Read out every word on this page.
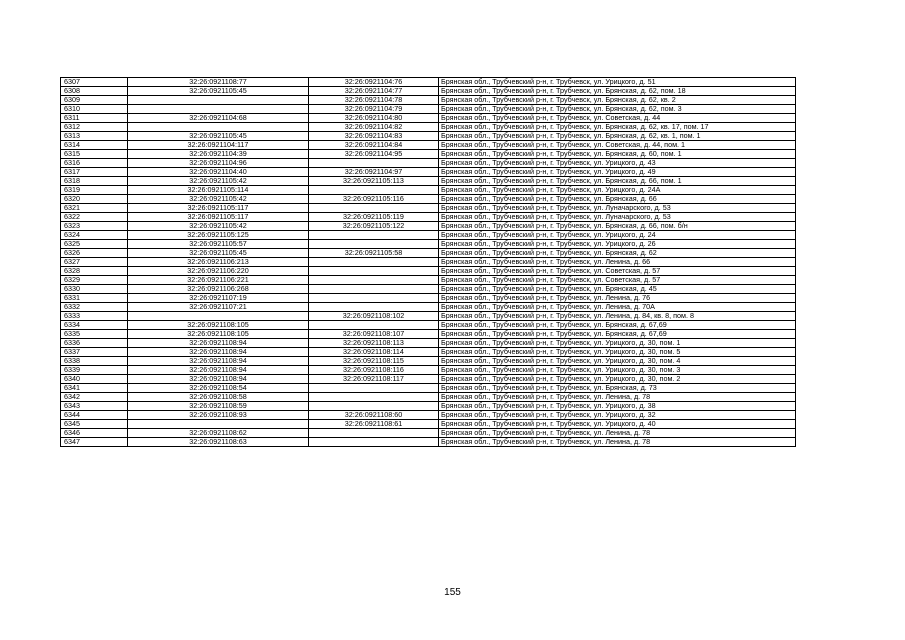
6307	32:26:0921108:77	32:26:0921104:76	Брянская обл., Трубчевский р-н, г. Трубчевск, ул. Урицкого, д. 51
6308	32:26:0921105:45	32:26:0921104:77	Брянская обл., Трубчевский р-н, г. Трубчевск, ул. Брянская, д. 62, пом. 18
6309		32:26:0921104:78	Брянская обл., Трубчевский р-н, г. Трубчевск, ул. Брянская, д. 62, кв. 2
6310		32:26:0921104:79	Брянская обл., Трубчевский р-н, г. Трубчевск, ул. Брянская, д. 62, пом. 3
6311	32:26:0921104:68	32:26:0921104:80	Брянская обл., Трубчевский р-н, г. Трубчевск, ул. Советская, д. 44
6312		32:26:0921104:82	Брянская обл., Трубчевский р-н, г. Трубчевск, ул. Брянская, д. 62, кв. 17, пом. 17
6313	32:26:0921105:45	32:26:0921104:83	Брянская обл., Трубчевский р-н, г. Трубчевск, ул. Брянская, д. 62, кв. 1, пом. 1
6314	32:26:0921104:117	32:26:0921104:84	Брянская обл., Трубчевский р-н, г. Трубчевск, ул. Советская, д. 44, пом. 1
6315	32:26:0921104:39	32:26:0921104:95	Брянская обл., Трубчевский р-н, г. Трубчевск, ул. Брянская, д. 60, пом. 1
6316	32:26:0921104:96		Брянская обл., Трубчевский р-н, г. Трубчевск, ул. Урицкого, д. 43
6317	32:26:0921104:40	32:26:0921104:97	Брянская обл., Трубчевский р-н, г. Трубчевск, ул. Урицкого, д. 49
6318	32:26:0921105:42	32:26:0921105:113	Брянская обл., Трубчевский р-н, г. Трубчевск, ул. Брянская, д. 66, пом. 1
6319	32:26:0921105:114		Брянская обл., Трубчевский р-н, г. Трубчевск, ул. Урицкого, д. 24А
6320	32:26:0921105:42	32:26:0921105:116	Брянская обл., Трубчевский р-н, г. Трубчевск, ул. Брянская, д. 66
6321	32:26:0921105:117		Брянская обл., Трубчевский р-н, г. Трубчевск, ул. Луначарского, д. 53
6322	32:26:0921105:117	32:26:0921105:119	Брянская обл., Трубчевский р-н, г. Трубчевск, ул. Луначарского, д. 53
6323	32:26:0921105:42	32:26:0921105:122	Брянская обл., Трубчевский р-н, г. Трубчевск, ул. Брянская, д. 66, пом. б/н
6324	32:26:0921105:125		Брянская обл., Трубчевский р-н, г. Трубчевск, ул. Урицкого, д. 24
6325	32:26:0921105:57		Брянская обл., Трубчевский р-н, г. Трубчевск, ул. Урицкого, д. 26
6326	32:26:0921105:45	32:26:0921105:58	Брянская обл., Трубчевский р-н, г. Трубчевск, ул. Брянская, д. 62
6327	32:26:0921106:213		Брянская обл., Трубчевский р-н, г. Трубчевск, ул. Ленина, д. 66
6328	32:26:0921106:220		Брянская обл., Трубчевский р-н, г. Трубчевск, ул. Советская, д. 57
6329	32:26:0921106:221		Брянская обл., Трубчевский р-н, г. Трубчевск, ул. Советская, д. 57
6330	32:26:0921106:268		Брянская обл., Трубчевский р-н, г. Трубчевск, ул. Брянская, д. 45
6331	32:26:0921107:19		Брянская обл., Трубчевский р-н, г. Трубчевск, ул. Ленина, д. 76
6332	32:26:0921107:21		Брянская обл., Трубчевский р-н, г. Трубчевск, ул. Ленина, д. 70А
6333		32:26:0921108:102	Брянская обл., Трубчевский р-н, г. Трубчевск, ул. Ленина, д. 84, кв. 8, пом. 8
6334	32:26:0921108:105		Брянская обл., Трубчевский р-н, г. Трубчевск, ул. Брянская, д. 67,69
6335	32:26:0921108:105	32:26:0921108:107	Брянская обл., Трубчевский р-н, г. Трубчевск, ул. Брянская, д. 67,69
6336	32:26:0921108:94	32:26:0921108:113	Брянская обл., Трубчевский р-н, г. Трубчевск, ул. Урицкого, д. 30, пом. 1
6337	32:26:0921108:94	32:26:0921108:114	Брянская обл., Трубчевский р-н, г. Трубчевск, ул. Урицкого, д. 30, пом. 5
6338	32:26:0921108:94	32:26:0921108:115	Брянская обл., Трубчевский р-н, г. Трубчевск, ул. Урицкого, д. 30, пом. 4
6339	32:26:0921108:94	32:26:0921108:116	Брянская обл., Трубчевский р-н, г. Трубчевск, ул. Урицкого, д. 30, пом. 3
6340	32:26:0921108:94	32:26:0921108:117	Брянская обл., Трубчевский р-н, г. Трубчевск, ул. Урицкого, д. 30, пом. 2
6341	32:26:0921108:54		Брянская обл., Трубчевский р-н, г. Трубчевск, ул. Брянская, д. 73
6342	32:26:0921108:58		Брянская обл., Трубчевский р-н, г. Трубчевск, ул. Ленина, д. 78
6343	32:26:0921108:59		Брянская обл., Трубчевский р-н, г. Трубчевск, ул. Урицкого, д. 38
6344	32:26:0921108:93	32:26:0921108:60	Брянская обл., Трубчевский р-н, г. Трубчевск, ул. Урицкого, д. 32
6345		32:26:0921108:61	Брянская обл., Трубчевский р-н, г. Трубчевск, ул. Урицкого, д. 40
6346	32:26:0921108:62		Брянская обл., Трубчевский р-н, г. Трубчевск, ул. Ленина, д. 78
6347	32:26:0921108:63		Брянская обл., Трубчевский р-н, г. Трубчевск, ул. Ленина, д. 78
155
